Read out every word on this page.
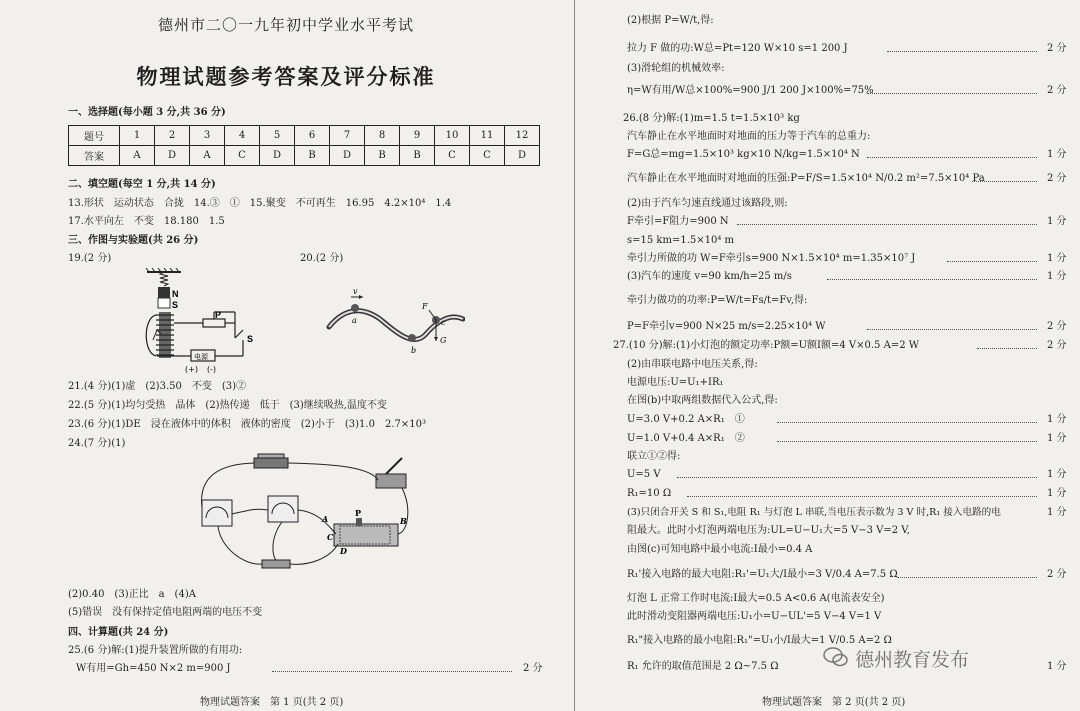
德州市二〇一九年初中学业水平考试
物理试题参考答案及评分标准
一、选择题(每小题 3 分,共 36 分)
题号	1	2	3	4	5	6	7	8	9	10	11	12
答案	A	D	A	C	D	B	D	B	B	C	C	D
二、填空题(每空 1 分,共 14 分)
13.形状　运动状态　合拢　14.③　①　15.聚变　不可再生　16.95　4.2×10⁴　1.4
17.水平向左　不变　18.180　1.5
三、作图与实验题(共 26 分)
19.(2 分)	20.(2 分)
N
S
P
S
电源
(+) (-)
v
a
b
c
F
G
21.(4 分)(1)虚　(2)3.50　不变　(3)②
22.(5 分)(1)均匀受热　晶体　(2)热传递　低于　(3)继续吸热,温度不变
23.(6 分)(1)DE　浸在液体中的体积　液体的密度　(2)小于　(3)1.0　2.7×10³
24.(7 分)(1)
A	B
C
D
P
(2)0.40　(3)正比　a　(4)A
(5)错误　没有保持定值电阻两端的电压不变
四、计算题(共 24 分)
25.(6 分)解:(1)提升装置所做的有用功:
W有用=Gh=450 N×2 m=900 J	2 分
物理试题答案　第 1 页(共 2 页)
(2)根据 P=W/t,得:
拉力 F 做的功:W总=Pt=120 W×10 s=1 200 J	2 分
(3)滑轮组的机械效率:
η=W有用/W总×100%=900 J/1 200 J×100%=75%	2 分
26.(8 分)解:(1)m=1.5 t=1.5×10³ kg
汽车静止在水平地面时对地面的压力等于汽车的总重力:
F=G总=mg=1.5×10³ kg×10 N/kg=1.5×10⁴ N	1 分
汽车静止在水平地面时对地面的压强:P=F/S=1.5×10⁴ N/0.2 m²=7.5×10⁴ Pa	2 分
(2)由于汽车匀速直线通过该路段,则:
F牵引=F阻力=900 N	1 分
s=15 km=1.5×10⁴ m
牵引力所做的功 W=F牵引s=900 N×1.5×10⁴ m=1.35×10⁷ J	1 分
(3)汽车的速度 v=90 km/h=25 m/s	1 分
牵引力做功的功率:P=W/t=Fs/t=Fv,得:
P=F牵引v=900 N×25 m/s=2.25×10⁴ W	2 分
27.(10 分)解:(1)小灯泡的额定功率:P额=U额I额=4 V×0.5 A=2 W	2 分
(2)由串联电路中电压关系,得:
电源电压:U=U₁+IR₁
在图(b)中取两组数据代入公式,得:
U=3.0 V+0.2 A×R₁　①	1 分
U=1.0 V+0.4 A×R₁　②	1 分
联立①②得:
U=5 V	1 分
R₁=10 Ω	1 分
(3)只闭合开关 S 和 S₁,电阻 R₁ 与灯泡 L 串联,当电压表示数为 3 V 时,R₁ 接入电路的电	1 分
阻最大。此时小灯泡两端电压为:UL=U−U₁大=5 V−3 V=2 V,
由图(c)可知电路中最小电流:I最小=0.4 A
R₁'接入电路的最大电阻:R₁'=U₁大/I最小=3 V/0.4 A=7.5 Ω	2 分
灯泡 L 正常工作时电流:I最大=0.5 A<0.6 A(电流表安全)
此时滑动变阻器两端电压:U₁小=U−UL'=5 V−4 V=1 V
R₁"接入电路的最小电阻:R₁"=U₁小/I最大=1 V/0.5 A=2 Ω
R₁ 允许的取值范围是 2 Ω~7.5 Ω	1 分
物理试题答案　第 2 页(共 2 页)
德州教育发布
